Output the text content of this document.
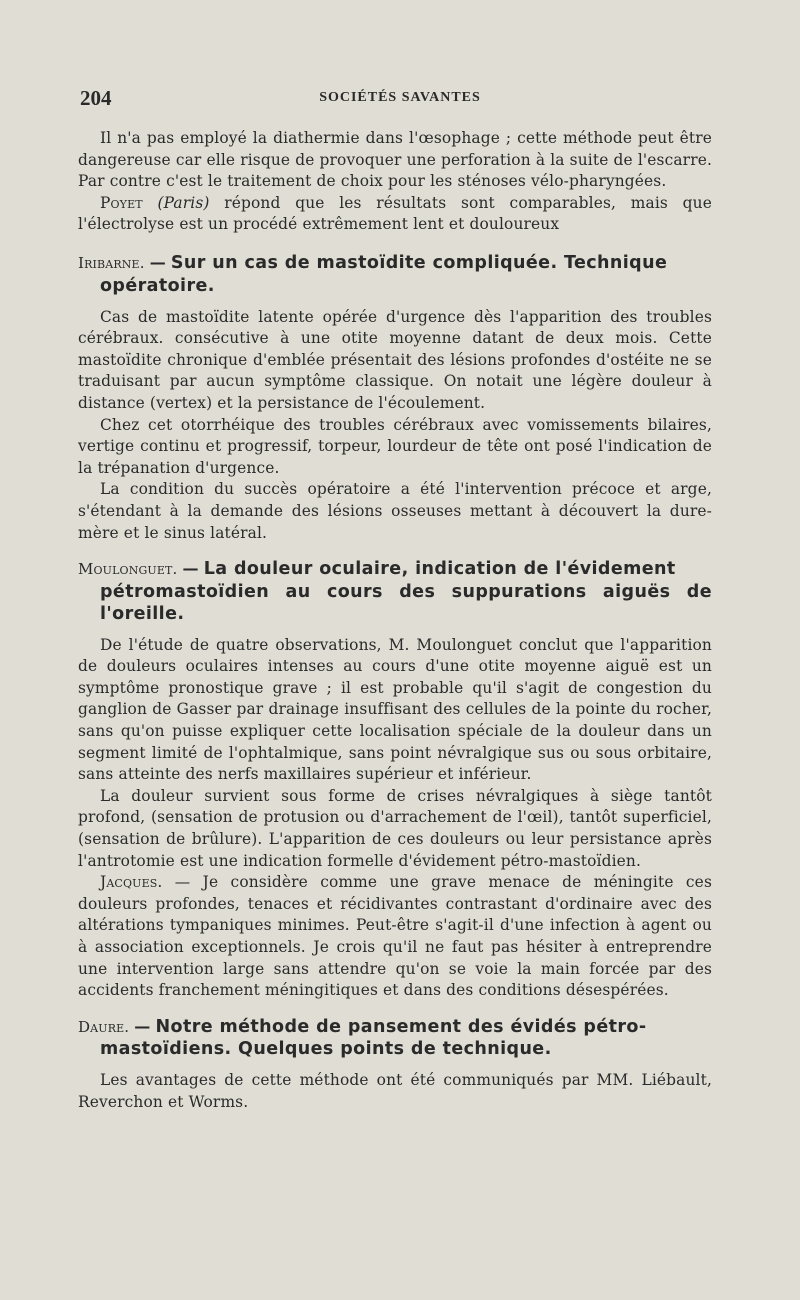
204	SOCIÉTÉS SAVANTES

Il n'a pas employé la diathermie dans l'œsophage ; cette méthode peut être dangereuse car elle risque de provoquer une perforation à la suite de l'escarre. Par contre c'est le traitement de choix pour les sténoses vélo-pharyngées.

Poyet (Paris) répond que les résultats sont comparables, mais que l'électrolyse est un procédé extrêmement lent et douloureux

Iribarne. — Sur un cas de mastoïdite compliquée. Technique
opératoire.

Cas de mastoïdite latente opérée d'urgence dès l'apparition des troubles cérébraux. consécutive à une otite moyenne datant de deux mois. Cette mastoïdite chronique d'emblée présentait des lésions profondes d'ostéite ne se traduisant par aucun symptôme classique. On notait une légère douleur à distance (vertex) et la persistance de l'écoulement.

Chez cet otorrhéique des troubles cérébraux avec vomissements bilaires, vertige continu et progressif, torpeur, lourdeur de tête ont posé l'indication de la trépanation d'urgence.

La condition du succès opératoire a été l'intervention précoce et arge, s'étendant à la demande des lésions osseuses mettant à découvert la dure-mère et le sinus latéral.

Moulonguet. — La douleur oculaire, indication de l'évidement
pétromastoïdien au cours des suppurations aiguës de l'oreille.

De l'étude de quatre observations, M. Moulonguet conclut que l'apparition de douleurs oculaires intenses au cours d'une otite moyenne aiguë est un symptôme pronostique grave ; il est probable qu'il s'agit de congestion du ganglion de Gasser par drainage insuffisant des cellules de la pointe du rocher, sans qu'on puisse expliquer cette localisation spéciale de la douleur dans un segment limité de l'ophtalmique, sans point névralgique sus ou sous orbitaire, sans atteinte des nerfs maxillaires supérieur et inférieur.

La douleur survient sous forme de crises névralgiques à siège tantôt profond, (sensation de protusion ou d'arrachement de l'œil), tantôt superficiel, (sensation de brûlure). L'apparition de ces douleurs ou leur persistance après l'antrotomie est une indication formelle d'évidement pétro-mastoïdien.

Jacques. — Je considère comme une grave menace de méningite ces douleurs profondes, tenaces et récidivantes contrastant d'ordinaire avec des altérations tympaniques minimes. Peut-être s'agit-il d'une infection à agent ou à association exceptionnels. Je crois qu'il ne faut pas hésiter à entreprendre une intervention large sans attendre qu'on se voie la main forcée par des accidents franchement méningitiques et dans des conditions désespérées.

Daure. — Notre méthode de pansement des évidés pétro-
mastoïdiens. Quelques points de technique.

Les avantages de cette méthode ont été communiqués par MM. Liébault, Reverchon et Worms.
